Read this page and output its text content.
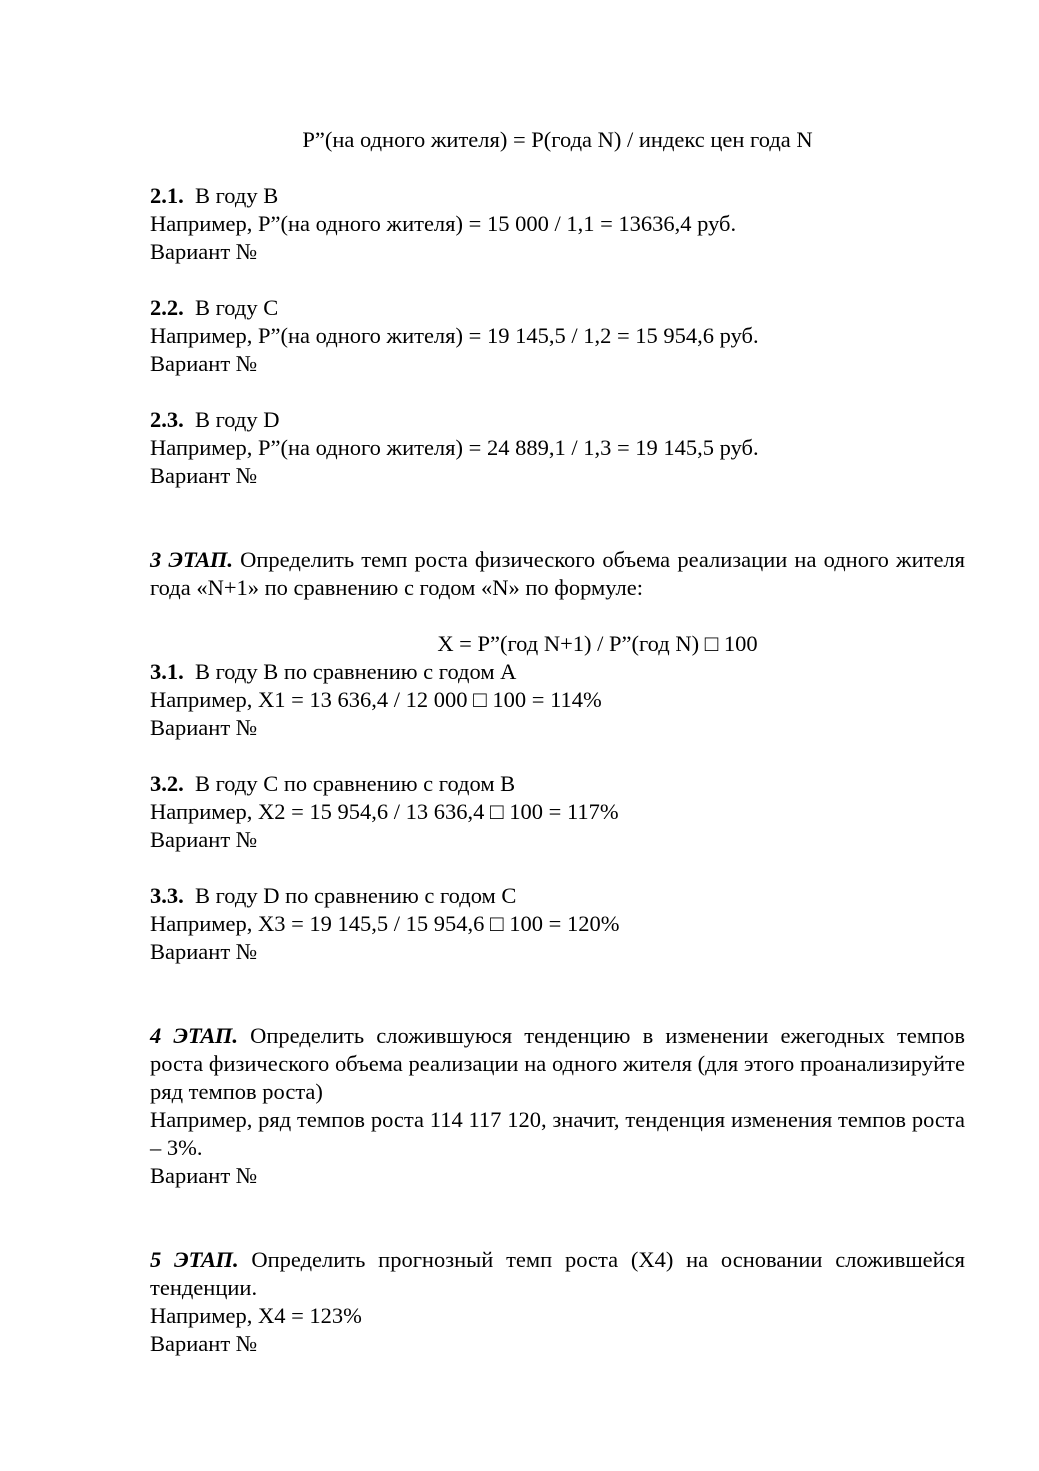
P”(на одного жителя) = P(года N) / индекс цен года N
2.1. В году B
Например, P”(на одного жителя) = 15 000 / 1,1 = 13636,4 руб.
Вариант №
2.2. В году C
Например, P”(на одного жителя) = 19 145,5 / 1,2 = 15 954,6 руб.
Вариант №
2.3. В году D
Например, P”(на одного жителя) = 24 889,1 / 1,3 = 19 145,5 руб.
Вариант №
3 ЭТАП. Определить темп роста физического объема реализации на одного жителя года «N+1» по сравнению с годом «N» по формуле:
X = P”(год N+1) / P”(год N) □ 100
3.1. В году B по сравнению с годом A
Например, X1 = 13 636,4 / 12 000 □ 100 = 114%
Вариант №
3.2. В году C по сравнению с годом B
Например, X2 = 15 954,6 / 13 636,4 □ 100 = 117%
Вариант №
3.3. В году D по сравнению с годом C
Например, X3 = 19 145,5 / 15 954,6 □ 100 = 120%
Вариант №
4 ЭТАП. Определить сложившуюся тенденцию в изменении ежегодных темпов роста физического объема реализации на одного жителя (для этого проанализируйте ряд темпов роста)
Например, ряд темпов роста 114 117 120, значит, тенденция изменения темпов роста – 3%.
Вариант №
5 ЭТАП. Определить прогнозный темп роста (X4) на основании сложившейся тенденции.
Например, X4 = 123%
Вариант №
